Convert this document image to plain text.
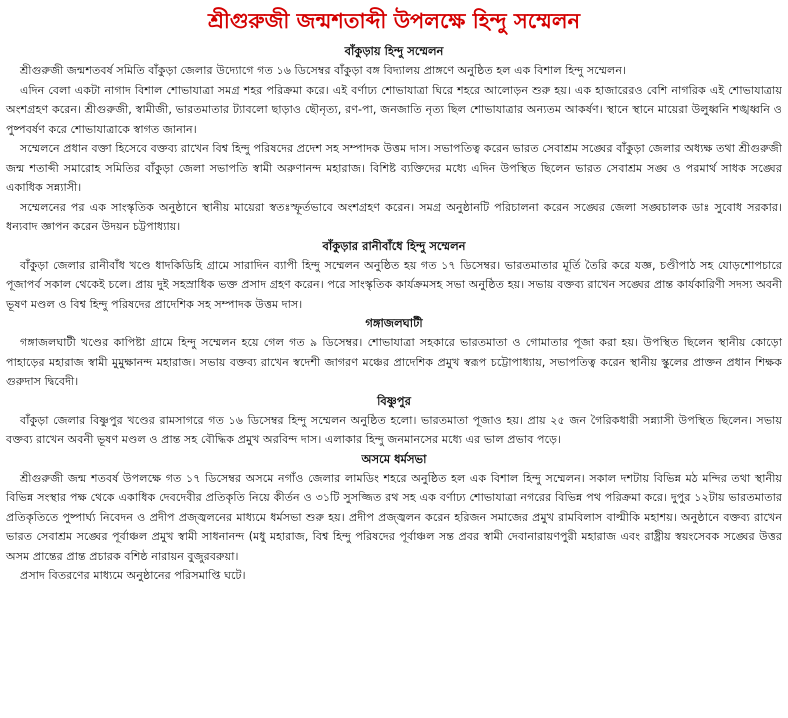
শ্রীগুরুজী জন্মশতাব্দী উপলক্ষে হিন্দু সম্মেলন
বাঁকুড়ায় হিন্দু সম্মেলন

শ্রীগুরুজী জন্মশতবর্ষ সমিতি বাঁকুড়া জেলার উদ্যোগে গত ১৬ ডিসেম্বর বাঁকুড়া বঙ্গ বিদ্যালয় প্রাঙ্গণে অনুষ্ঠিত হল এক বিশাল হিন্দু সম্মেলন।

এদিন বেলা একটা নাগাদ বিশাল শোভাযাত্রা সমগ্র শহর পরিক্রমা করে। এই বর্ণাঢ্য শোভাযাত্রা ঘিরে শহরে আলোড়ন শুরু হয়। এক হাজারেরও বেশি নাগরিক এই শোভাযাত্রায় অংশগ্রহণ করেন। শ্রীগুরুজী, স্বামীজী, ভারতমাতার ট্যাবলো ছাড়াও ছৌনৃত্য, রণ-পা, জনজাতি নৃত্য ছিল শোভাযাত্রার অন্যতম আকর্ষণ। স্থানে স্থানে মায়েরা উলুধ্বনি শঙ্খধ্বনি ও পুষ্পবর্ষণ করে শোভাযাত্রাকে স্বাগত জানান।

সম্মেলনে প্রধান বক্তা হিসেবে বক্তব্য রাখেন বিশ্ব হিন্দু পরিষদের প্রদেশ সহ সম্পাদক উত্তম দাস। সভাপতিত্ব করেন ভারত সেবাশ্রম সঙ্ঘের বাঁকুড়া জেলার অধ্যক্ষ তথা শ্রীগুরুজী জন্ম শতাব্দী সমারোহ সমিতির বাঁকুড়া জেলা সভাপতি স্বামী অরুণানন্দ মহারাজ। বিশিষ্ট ব্যক্তিদের মধ্যে এদিন উপস্থিত ছিলেন ভারত সেবাশ্রম সঙ্ঘ ও পরমার্থ সাধক সঙ্ঘের একাধিক সন্ন্যাসী।

সম্মেলনের পর এক সাংস্কৃতিক অনুষ্ঠানে স্থানীয় মায়েরা স্বতঃস্ফূর্তভাবে অংশগ্রহণ করেন। সমগ্র অনুষ্ঠানটি পরিচালনা করেন সঙ্ঘের জেলা সঙ্ঘচালক ডাঃ সুবোধ সরকার। ধন্যবাদ জ্ঞাপন করেন উদয়ন চট্টপাধ্যায়।

বাঁকুড়ার রানীবাঁধে হিন্দু সম্মেলন

বাঁকুড়া জেলার রানীবাঁধ খণ্ডে ধাদকিডিহি গ্রামে সারাদিন ব্যাপী হিন্দু সম্মেলন অনুষ্ঠিত হয় গত ১৭ ডিসেম্বর। ভারতমাতার মূর্তি তৈরি করে যজ্ঞ, চণ্ডীপাঠ সহ যোড়শোপচারে পূজাপর্ব সকাল থেকেই চলে। প্রায় দুই সহস্রাধিক ভক্ত প্রসাদ গ্রহণ করেন। পরে সাংস্কৃতিক কার্যক্রমসহ সভা অনুষ্ঠিত হয়। সভায় বক্তব্য রাখেন সঙ্ঘের প্রান্ত কার্যকারিণী সদস্য অবনী ভূষণ মণ্ডল ও বিশ্ব হিন্দু পরিষদের প্রাদেশিক সহ সম্পাদক উত্তম দাস।

গঙ্গাজলঘাটী

গঙ্গাজলঘাটী খণ্ডের কাপিষ্টা গ্রামে হিন্দু সম্মেলন হয়ে গেল গত ৯ ডিসেম্বর। শোভাযাত্রা সহকারে ভারতমাতা ও গোমাতার পূজা করা হয়। উপস্থিত ছিলেন স্থানীয় কোড়ো পাহাড়ের মহারাজ স্বামী মুমুক্ষানন্দ মহারাজ। সভায় বক্তব্য রাখেন স্বদেশী জাগরণ মঞ্চের প্রাদেশিক প্রমুখ স্বরূপ চট্টোপাধ্যায়, সভাপতিত্ব করেন স্থানীয় স্কুলের প্রাক্তন প্রধান শিক্ষক গুরুদাস দ্বিবেদী।

বিষ্ণুপুর

বাঁকুড়া জেলার বিষ্ণুপুর খণ্ডের রামসাগরে গত ১৬ ডিসেম্বর হিন্দু সম্মেলন অনুষ্ঠিত হলো। ভারতমাতা পূজাও হয়। প্রায় ২৫ জন গৈরিকধারী সন্ন্যাসী উপস্থিত ছিলেন। সভায় বক্তব্য রাখেন অবনী ভূষণ মণ্ডল ও প্রান্ত সহ বৌদ্ধিক প্রমুখ অরবিন্দ দাস। এলাকার হিন্দু জনমানসের মধ্যে এর ভাল প্রভাব পড়ে।

অসমে ধর্মসভা

শ্রীগুরুজী জন্ম শতবর্ষ উপলক্ষে গত ১৭ ডিসেম্বর অসমে নগাঁও জেলার লামডিং শহরে অনুষ্ঠিত হল এক বিশাল হিন্দু সম্মেলন। সকাল দশটায় বিভিন্ন মঠ মন্দির তথা স্থানীয় বিভিন্ন সংস্থার পক্ষ থেকে একাধিক দেবদেবীর প্রতিকৃতি নিয়ে কীর্তন ও ৩১টি সুসজ্জিত রথ সহ এক বর্ণাঢ্য শোভাযাত্রা নগরের বিভিন্ন পথ পরিক্রমা করে। দুপুর ১২টায় ভারতমাতার প্রতিকৃতিতে পুষ্পার্ঘ্য নিবেদন ও প্রদীপ প্রজ্জ্বলনের মাধ্যমে ধর্মসভা শুরু হয়। প্রদীপ প্রজ্জ্বলন করেন হরিজন সমাজের প্রমুখ রামবিলাস বাল্মীকি মহাশয়। অনুষ্ঠানে বক্তব্য রাখেন ভারত সেবাশ্রম সঙ্ঘের পূর্বাঞ্চল প্রমুখ স্বামী সাধনানন্দ (মধু মহারাজ, বিশ্ব হিন্দু পরিষদের পূর্বাঞ্চল সন্ত প্রবর স্বামী দেবানারায়ণপুরী মহারাজ এবং রাষ্ট্রীয় স্বয়ংসেবক সঙ্ঘের উত্তর অসম প্রান্তের প্রান্ত প্রচারক বশিষ্ঠ নারায়ন বুজুরবরুয়া।

প্রসাদ বিতরণের মাধ্যমে অনুষ্ঠানের পরিসমাপ্তি ঘটে।
